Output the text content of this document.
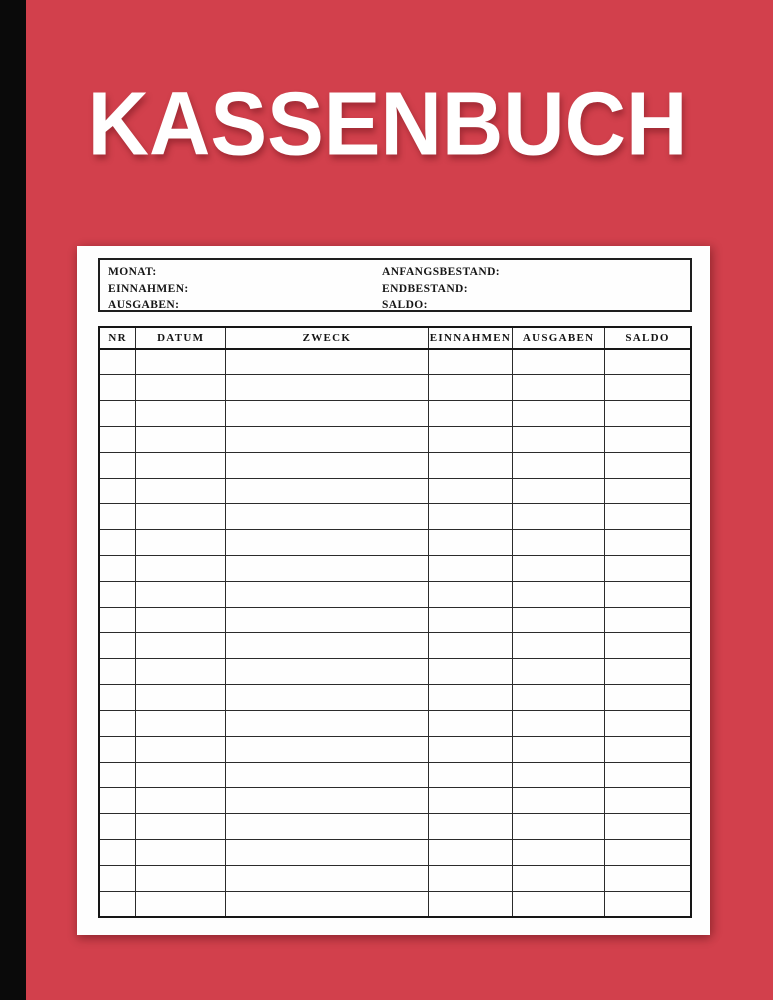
KASSENBUCH
MONAT:
EINNAHMEN:
AUSGABEN:
ANFANGSBESTAND:
ENDBESTAND:
SALDO:
NR	DATUM	ZWECK	EINNAHMEN	AUSGABEN	SALDO
